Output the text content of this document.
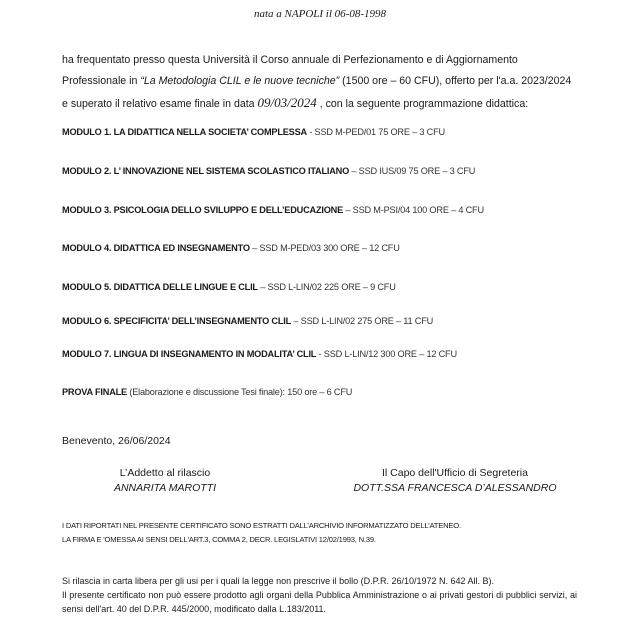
nata a NAPOLI il 06-08-1998
ha frequentato presso questa Università il Corso annuale di Perfezionamento e di Aggiornamento
Professionale in “La Metodologia CLIL e le nuove tecniche” (1500 ore – 60 CFU), offerto per l'a.a. 2023/2024
e superato il relativo esame finale in data 09/03/2024 , con la seguente programmazione didattica:
MODULO 1. LA DIDATTICA NELLA SOCIETA’ COMPLESSA - SSD M-PED/01 75 ORE – 3 CFU
MODULO 2. L’ INNOVAZIONE NEL SISTEMA SCOLASTICO ITALIANO – SSD IUS/09 75 ORE – 3 CFU
MODULO 3. PSICOLOGIA DELLO SVILUPPO E DELL’EDUCAZIONE – SSD M-PSI/04 100 ORE – 4 CFU
MODULO 4. DIDATTICA ED INSEGNAMENTO – SSD M-PED/03 300 ORE – 12 CFU
MODULO 5. DIDATTICA DELLE LINGUE E CLIL – SSD L-LIN/02 225 ORE – 9 CFU
MODULO 6. SPECIFICITA’ DELL’INSEGNAMENTO CLIL – SSD L-LIN/02 275 ORE – 11 CFU
MODULO 7. LINGUA DI INSEGNAMENTO IN MODALITA’ CLIL - SSD L-LIN/12 300 ORE – 12 CFU
PROVA FINALE (Elaborazione e discussione Tesi finale): 150 ore – 6 CFU
Benevento, 26/06/2024
L’Addetto al rilascio
ANNARITA MAROTTI
Il Capo dell'Ufficio di Segreteria
DOTT.SSA FRANCESCA D’ALESSANDRO
I DATI RIPORTATI NEL PRESENTE CERTIFICATO SONO ESTRATTI DALL’ARCHIVIO INFORMATIZZATO DELL’ATENEO.
LA FIRMA E 'OMESSA AI SENSI DELL'ART.3, COMMA 2, DECR. LEGISLATIVI 12/02/1993, N.39.
Si rilascia in carta libera per gli usi per i quali la legge non prescrive il bollo (D.P.R. 26/10/1972 N. 642 All. B).
Il presente certificato non può essere prodotto agli organi della Pubblica Amministrazione o ai privati gestori di pubblici servizi, ai sensi dell'art. 40 del D.P.R. 445/2000, modificato dalla L.183/2011.
